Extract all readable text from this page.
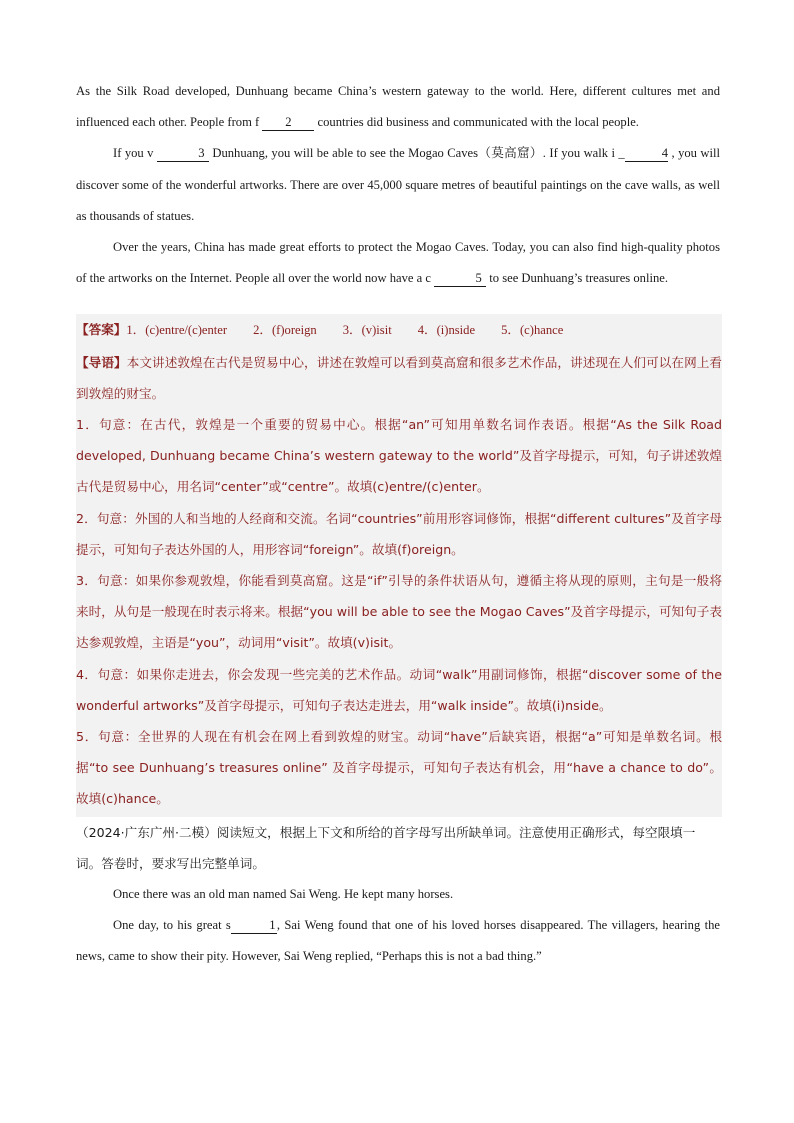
As the Silk Road developed, Dunhuang became China’s western gateway to the world. Here, different cultures met and influenced each other. People from f 2 countries did business and communicated with the local people.

If you v	3 Dunhuang, you will be able to see the Mogao Caves（莫高窟）. If you walk i _	4 , you will discover some of the wonderful artworks. There are over 45,000 square metres of beautiful paintings on the cave walls, as well as thousands of statues.

Over the years, China has made great efforts to protect the Mogao Caves. Today, you can also find high-quality photos of the artworks on the Internet. People all over the world now have a c	5 to see Dunhuang’s treasures online.

【答案】1．(c)entre/(c)enter 2．(f)oreign 3．(v)isit 4．(i)nside 5．(c)hance

【导语】本文讲述敦煌在古代是贸易中心，讲述在敦煌可以看到莫高窟和很多艺术作品，讲述现在人们可以在网上看到敦煌的财宝。

1．句意：在古代，敦煌是一个重要的贸易中心。根据“an”可知用单数名词作表语。根据“As the Silk Road developed, Dunhuang became China’s western gateway to the world”及首字母提示，可知，句子讲述敦煌古代是贸易中心，用名词“center”或“centre”。故填(c)entre/(c)enter。

2．句意：外国的人和当地的人经商和交流。名词“countries”前用形容词修饰，根据“different cultures”及首字母提示，可知句子表达外国的人，用形容词“foreign”。故填(f)oreign。

3．句意：如果你参观敦煌，你能看到莫高窟。这是“if”引导的条件状语从句，遵循主将从现的原则，主句是一般将来时，从句是一般现在时表示将来。根据“you will be able to see the Mogao Caves”及首字母提示，可知句子表达参观敦煌，主语是“you”，动词用“visit”。故填(v)isit。

4．句意：如果你走进去，你会发现一些完美的艺术作品。动词“walk”用副词修饰，根据“discover some of the wonderful artworks”及首字母提示，可知句子表达走进去，用“walk inside”。故填(i)nside。

5．句意：全世界的人现在有机会在网上看到敦煌的财宝。动词“have”后缺宾语，根据“a”可知是单数名词。根据“to see Dunhuang’s treasures online” 及首字母提示，可知句子表达有机会，用“have a chance to do”。故填(c)hance。

（2024·广东广州·二模）阅读短文，根据上下文和所给的首字母写出所缺单词。注意使用正确形式，每空限填一词。答卷时，要求写出完整单词。

Once there was an old man named Sai Weng. He kept many horses.

One day, to his great s	1, Sai Weng found that one of his loved horses disappeared. The villagers, hearing the news, came to show their pity. However, Sai Weng replied, “Perhaps this is not a bad thing.”
